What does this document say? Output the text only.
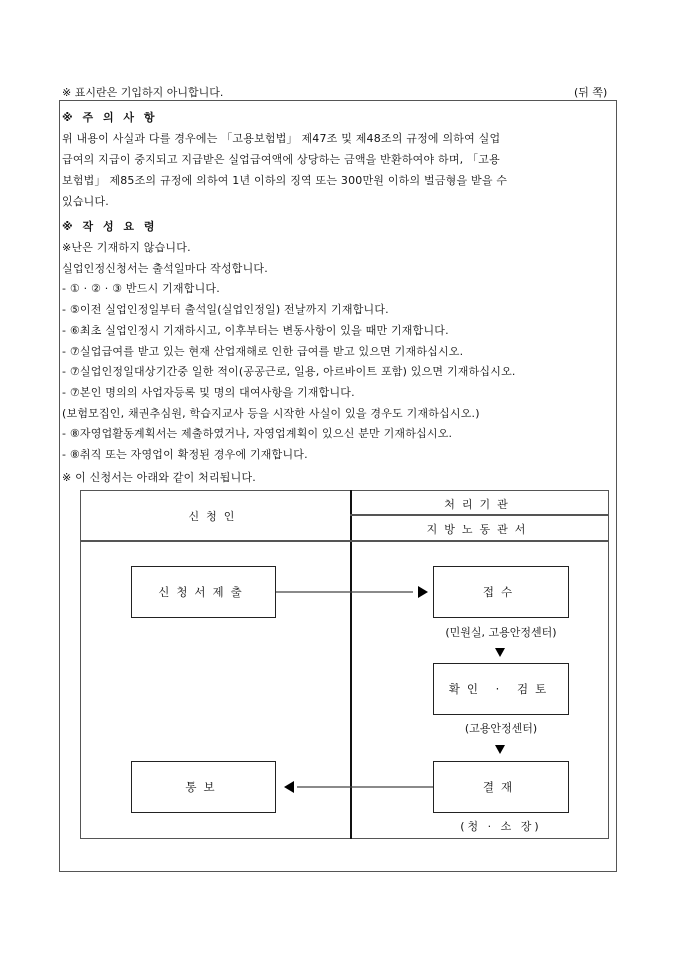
※ 표시란은 기입하지 아니합니다.	(뒤 쪽)
※ 주 의 사 항
위 내용이 사실과 다를 경우에는 「고용보험법」 제47조 및 제48조의 규정에 의하여 실업
급여의 지급이 중지되고 지급받은 실업급여액에 상당하는 금액을 반환하여야 하며, 「고용
보험법」 제85조의 규정에 의하여 1년 이하의 징역 또는 300만원 이하의 벌금형을 받을 수
있습니다.
※ 작 성 요 령
※난은 기재하지 않습니다.
실업인정신청서는 출석일마다 작성합니다.
- ① · ② · ③ 반드시 기재합니다.
- ⑤이전 실업인정일부터 출석일(실업인정일) 전날까지 기재합니다.
- ⑥최초 실업인정시 기재하시고, 이후부터는 변동사항이 있을 때만 기재합니다.
- ⑦실업급여를 받고 있는 현재 산업재해로 인한 급여를 받고 있으면 기재하십시오.
- ⑦실업인정일대상기간중 일한 적이(공공근로, 일용, 아르바이트 포함) 있으면 기재하십시오.
- ⑦본인 명의의 사업자등록 및 명의 대여사항을 기재합니다.
(보험모집인, 채권추심원, 학습지교사 등을 시작한 사실이 있을 경우도 기재하십시오.)
- ⑧자영업활동계획서는 제출하였거나, 자영업계획이 있으신 분만 기재하십시오.
- ⑧취직 또는 자영업이 확정된 경우에 기재합니다.
※ 이 신청서는 아래와 같이 처리됩니다.
신청인
처리기관
지방노동관서
신청서제출	접수
(민원실, 고용안정센터)
확인 · 검토
(고용안정센터)
결재
(청 · 소 장)
통보
